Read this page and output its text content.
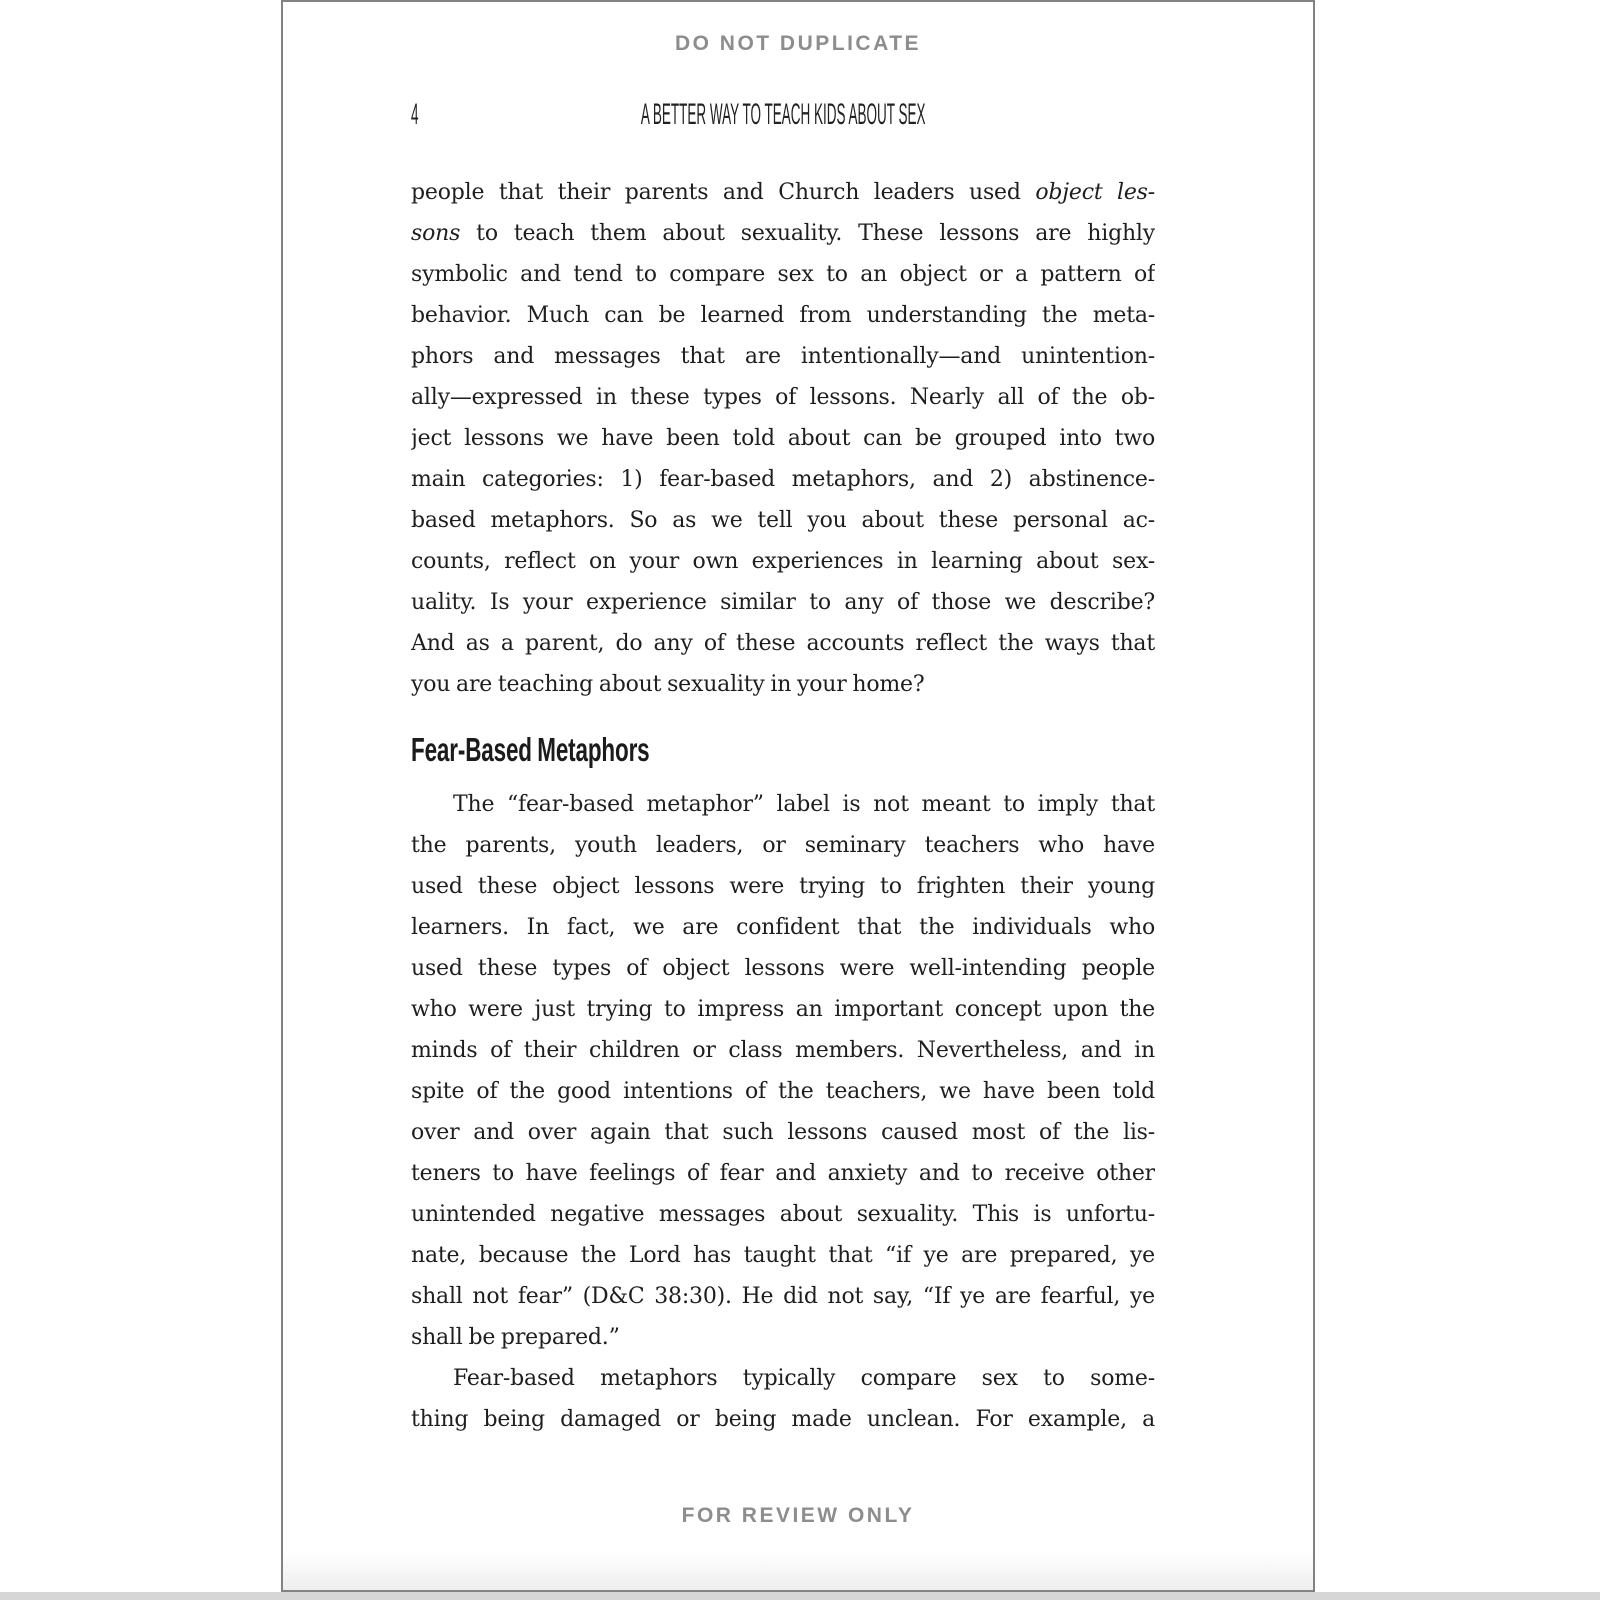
DO NOT DUPLICATE
4	A BETTER WAY TO TEACH KIDS ABOUT SEX
people that their parents and Church leaders used object les-
sons to teach them about sexuality. These lessons are highly
symbolic and tend to compare sex to an object or a pattern of
behavior. Much can be learned from understanding the meta-
phors and messages that are intentionally—and unintention-
ally—expressed in these types of lessons. Nearly all of the ob-
ject lessons we have been told about can be grouped into two
main categories: 1) fear-based metaphors, and 2) abstinence-
based metaphors. So as we tell you about these personal ac-
counts, reflect on your own experiences in learning about sex-
uality. Is your experience similar to any of those we describe?
And as a parent, do any of these accounts reflect the ways that
you are teaching about sexuality in your home?
Fear-Based Metaphors
The “fear-based metaphor” label is not meant to imply that
the parents, youth leaders, or seminary teachers who have
used these object lessons were trying to frighten their young
learners. In fact, we are confident that the individuals who
used these types of object lessons were well-intending people
who were just trying to impress an important concept upon the
minds of their children or class members. Nevertheless, and in
spite of the good intentions of the teachers, we have been told
over and over again that such lessons caused most of the lis-
teners to have feelings of fear and anxiety and to receive other
unintended negative messages about sexuality. This is unfortu-
nate, because the Lord has taught that “if ye are prepared, ye
shall not fear” (D&C 38:30). He did not say, “If ye are fearful, ye
shall be prepared.”
Fear-based metaphors typically compare sex to some-
thing being damaged or being made unclean. For example, a
FOR REVIEW ONLY
